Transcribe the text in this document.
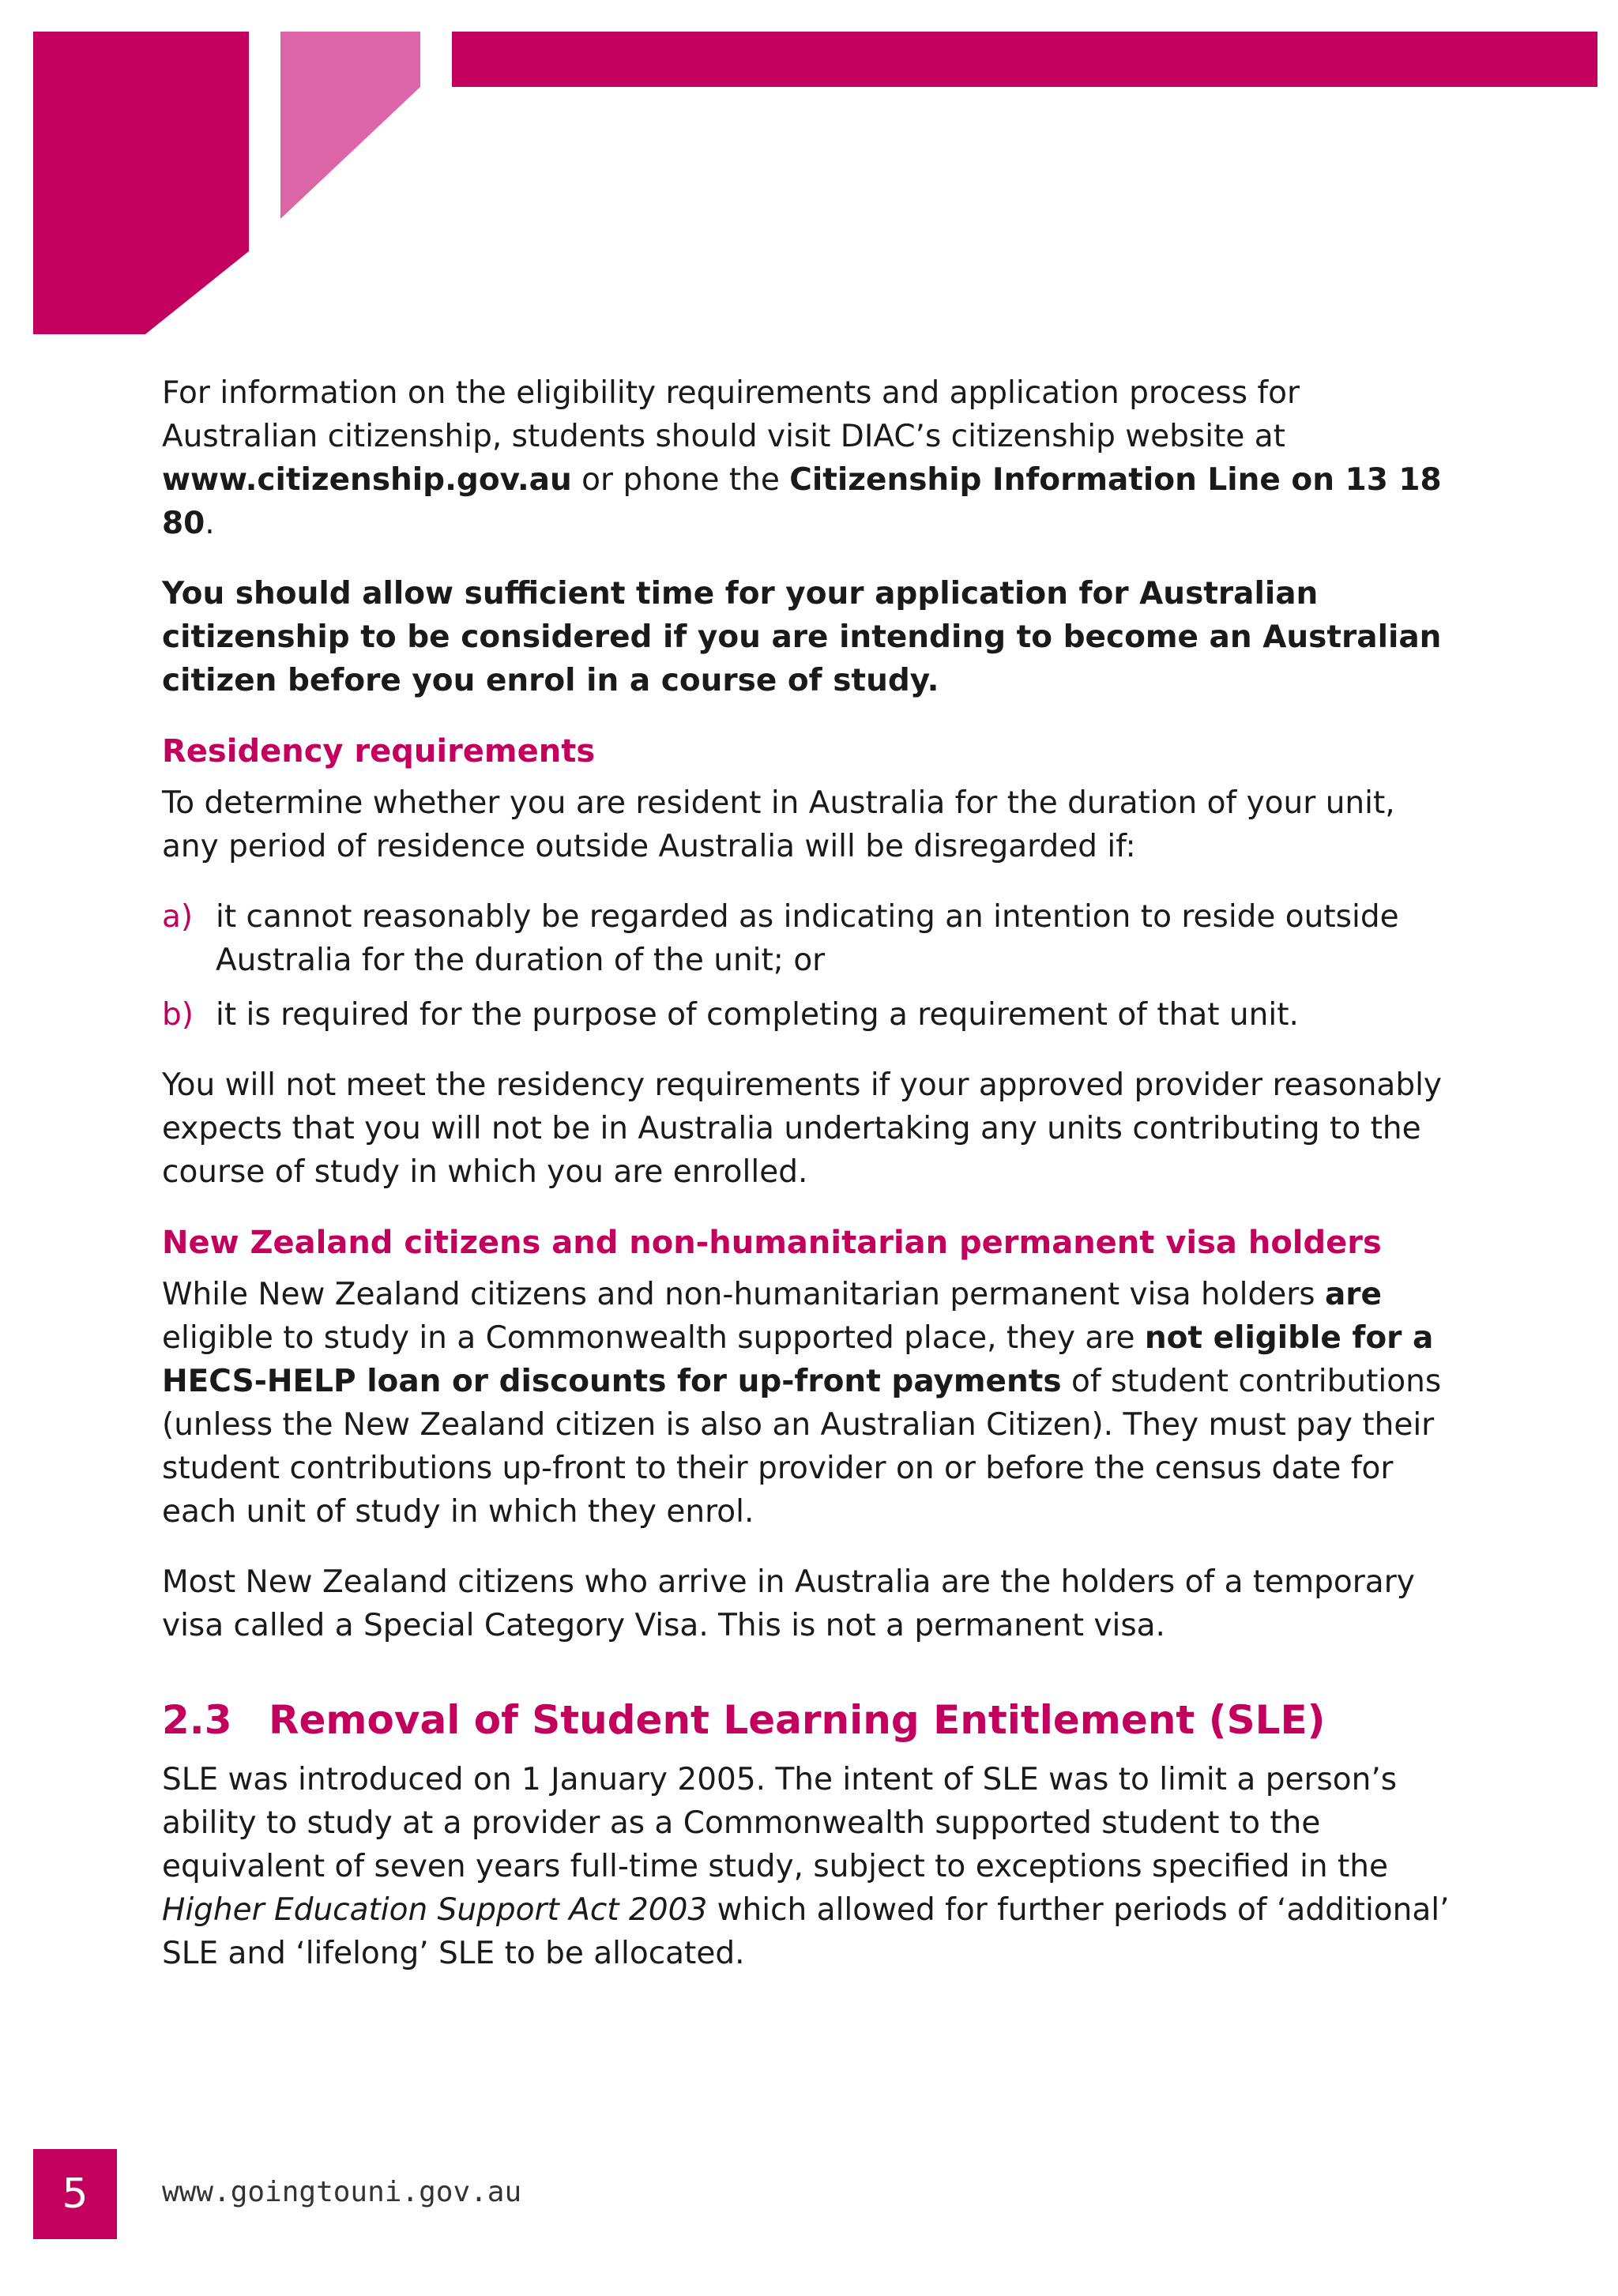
For information on the eligibility requirements and application process for Australian citizenship, students should visit DIAC’s citizenship website at www.citizenship.gov.au or phone the Citizenship Information Line on 13 18 80.

You should allow sufficient time for your application for Australian citizenship to be considered if you are intending to become an Australian citizen before you enrol in a course of study.

Residency requirements

To determine whether you are resident in Australia for the duration of your unit, any period of residence outside Australia will be disregarded if:

a) it cannot reasonably be regarded as indicating an intention to reside outside Australia for the duration of the unit; or
b) it is required for the purpose of completing a requirement of that unit.

You will not meet the residency requirements if your approved provider reasonably expects that you will not be in Australia undertaking any units contributing to the course of study in which you are enrolled.

New Zealand citizens and non-humanitarian permanent visa holders

While New Zealand citizens and non-humanitarian permanent visa holders are eligible to study in a Commonwealth supported place, they are not eligible for a HECS-HELP loan or discounts for up-front payments of student contributions (unless the New Zealand citizen is also an Australian Citizen). They must pay their student contributions up-front to their provider on or before the census date for each unit of study in which they enrol.

Most New Zealand citizens who arrive in Australia are the holders of a temporary visa called a Special Category Visa. This is not a permanent visa.

2.3 Removal of Student Learning Entitlement (SLE)

SLE was introduced on 1 January 2005. The intent of SLE was to limit a person’s ability to study at a provider as a Commonwealth supported student to the equivalent of seven years full-time study, subject to exceptions specified in the Higher Education Support Act 2003 which allowed for further periods of ‘additional’ SLE and ‘lifelong’ SLE to be allocated.

5	www.goingtouni.gov.au
